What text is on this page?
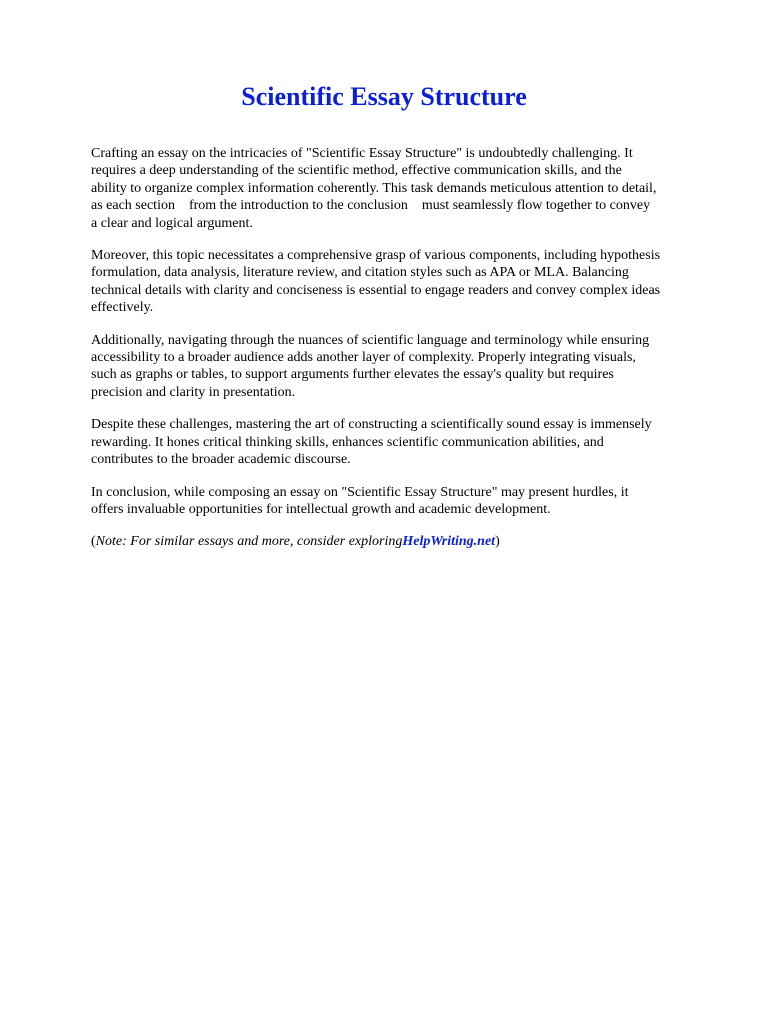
Scientific Essay Structure

Crafting an essay on the intricacies of "Scientific Essay Structure" is undoubtedly challenging. It
requires a deep understanding of the scientific method, effective communication skills, and the
ability to organize complex information coherently. This task demands meticulous attention to detail,
as each section    from the introduction to the conclusion    must seamlessly flow together to convey
a clear and logical argument.

Moreover, this topic necessitates a comprehensive grasp of various components, including hypothesis
formulation, data analysis, literature review, and citation styles such as APA or MLA. Balancing
technical details with clarity and conciseness is essential to engage readers and convey complex ideas
effectively.

Additionally, navigating through the nuances of scientific language and terminology while ensuring
accessibility to a broader audience adds another layer of complexity. Properly integrating visuals,
such as graphs or tables, to support arguments further elevates the essay's quality but requires
precision and clarity in presentation.

Despite these challenges, mastering the art of constructing a scientifically sound essay is immensely
rewarding. It hones critical thinking skills, enhances scientific communication abilities, and
contributes to the broader academic discourse.

In conclusion, while composing an essay on "Scientific Essay Structure" may present hurdles, it
offers invaluable opportunities for intellectual growth and academic development.

(Note: For similar essays and more, consider exploringHelpWriting.net)
